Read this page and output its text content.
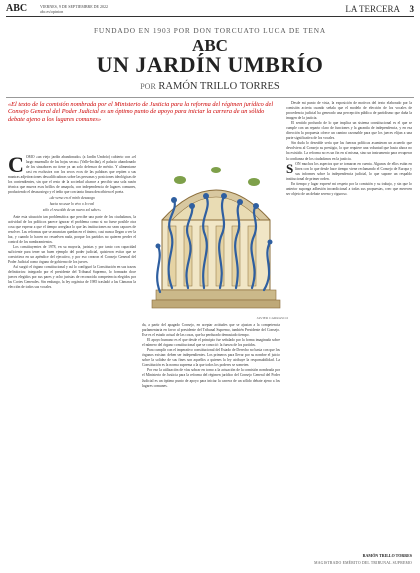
ABC	VIERNES, 9 DE SEPTIEMBRE DE 2022
abc.es/opinion	LA TERCERA 3
FUNDADO EN 1903 POR DON TORCUATO LUCA DE TENA
ABC
UN JARDÍN UMBRÍO
POR RAMÓN TRILLO TORRES
«El texto de la comisión nombrada por el Ministerio de Justicia para la reforma del régimen jurídico del Consejo General del Poder Judicial es un óptimo punto de apoyo para iniciar la carrera de un sólido debate ajeno a los lugares comunes»
C OMO «un viejo jardín abandonado» (a Jardín Umbrío) cubierto con «el largo murmullo de las hojas secas» (Valle-Inclán), el palacio abandonado de los sinsabores no tiene ya un solo defensor de mérito. Y alimentarse casi en exclusiva con los secos ecos de las palabras que repiten a sus mantras adjetivaciones descalificadoras sobre las personas y posiciones ideológicas de los contendientes, sin que el resto de la sociedad alcance a percibir una sola razón técnica que mueva esos brillos de amapola, con independencia de lugares comunes, produciendo el desasosiego y el tedio que con tanta finura describiera el poeta.

«de verso en el mirlo desasogo
hacia no usar lo vivo o lo real
sólo el rescoldo de un nuevo sol saber»

Ante esta situación tan problemática que percibe una parte de los ciudadanos, la actividad de los políticos parece ignorar el problema como si no fuese posible otra cosa que esperar a que el tiempo arreglara lo que las instituciones no sean capaces de resolver. Las reformas que se anuncian quedan en el tintero, casi nunca llegan a ver la luz, y cuando lo hacen no resuelven nada, porque los partidos no quieren perder el control de los nombramientos.

Los constituyentes de 1978, en su mayoría, juristas y por tanto con capacidad suficiente para tener un buen ejemplo del poder judicial, quisieron evitar que se convirtiera en un apéndice del ejecutivo, y por eso crearon el Consejo General del Poder Judicial como órgano de gobierno de los jueces.

Así surgió el órgano constitucional y así lo configuró la Constitución en sus trazos definitorios: integrado por el presidente del Tribunal Supremo, lo formarán doce jueces elegidos por sus pares y ocho juristas de reconocida competencia elegidos por las Cortes Generales. Sin embargo, la ley orgánica de 1985 trasladó a las Cámaras la elección de todos sus vocales.

JAVIER CARRASCO

da, a partir del apagado Consejo, en aceptar actitudes que se ajustan a la competencia parlamentaria en favor al presidente del Tribunal Supremo, también Presidente del Consejo. Ese es el estado actual de las cosas, que ha perdurado demasiado tiempo.

El apoyo humano es el que desde el principio fue señalado por la forma imaginada sobre el número del órgano constitucional que se conoció: la fuerza de los partidos.

Para cumplir con el imperativo constitucional del Estado de Derecho no basta con que los órganos existan: deben ser independientes. Los primeros para llevar por su nombre el juicio sobre la solidez de sus fines son aquellos a quienes la ley atribuye la responsabilidad. La Constitución es la norma suprema a la que todos los poderes se someten.

Por eso la utilización de vías sobrar en torno a la actuación de la comisión nombrada por el Ministerio de Justicia para la reforma del régimen jurídico del Consejo General del Poder Judicial es un óptimo punto de apoyo para iniciar la carrera de un sólido debate ajeno a los lugares comunes.

Desde mi punto de vista, la exposición de motivos del texto elaborado por la comisión acierta cuando señala que el modelo de elección de los vocales de procedencia judicial ha generado una percepción pública de partidismo que daña la imagen de la justicia.

El sentido profundo de lo que implica un sistema constitucional es el que se cumple con un reparto claro de funciones y la garantía de independencia, y en esa dirección la propuesta ofrece un camino razonable para que los jueces elijan a una parte significativa de los vocales.

Sin duda lo deseable sería que las fuerzas políticas asumieran un acuerdo que devolviera al Consejo su prestigio, lo que requiere una voluntad que hasta ahora no ha existido. La reforma no es un fin en sí misma, sino un instrumento para recuperar la confianza de los ciudadanos en la justicia.

S ON muchos los aspectos que se tomaron en cuenta. Algunos de ellos están en línea con lo que desde hace tiempo viene reclamando el Consejo de Europa y sus informes sobre la independencia judicial, lo que supone un respaldo institucional de primer orden.

En tiempo y lugar expresé mi respeto por la comisión y su trabajo, y sin que lo anterior suponga adhesión incondicional a todas sus propuestas, creo que merecen ser objeto de un debate sereno y riguroso.

RAMÓN TRILLO TORRES
MAGISTRADO EMÉRITO DEL TRIBUNAL SUPREMO
